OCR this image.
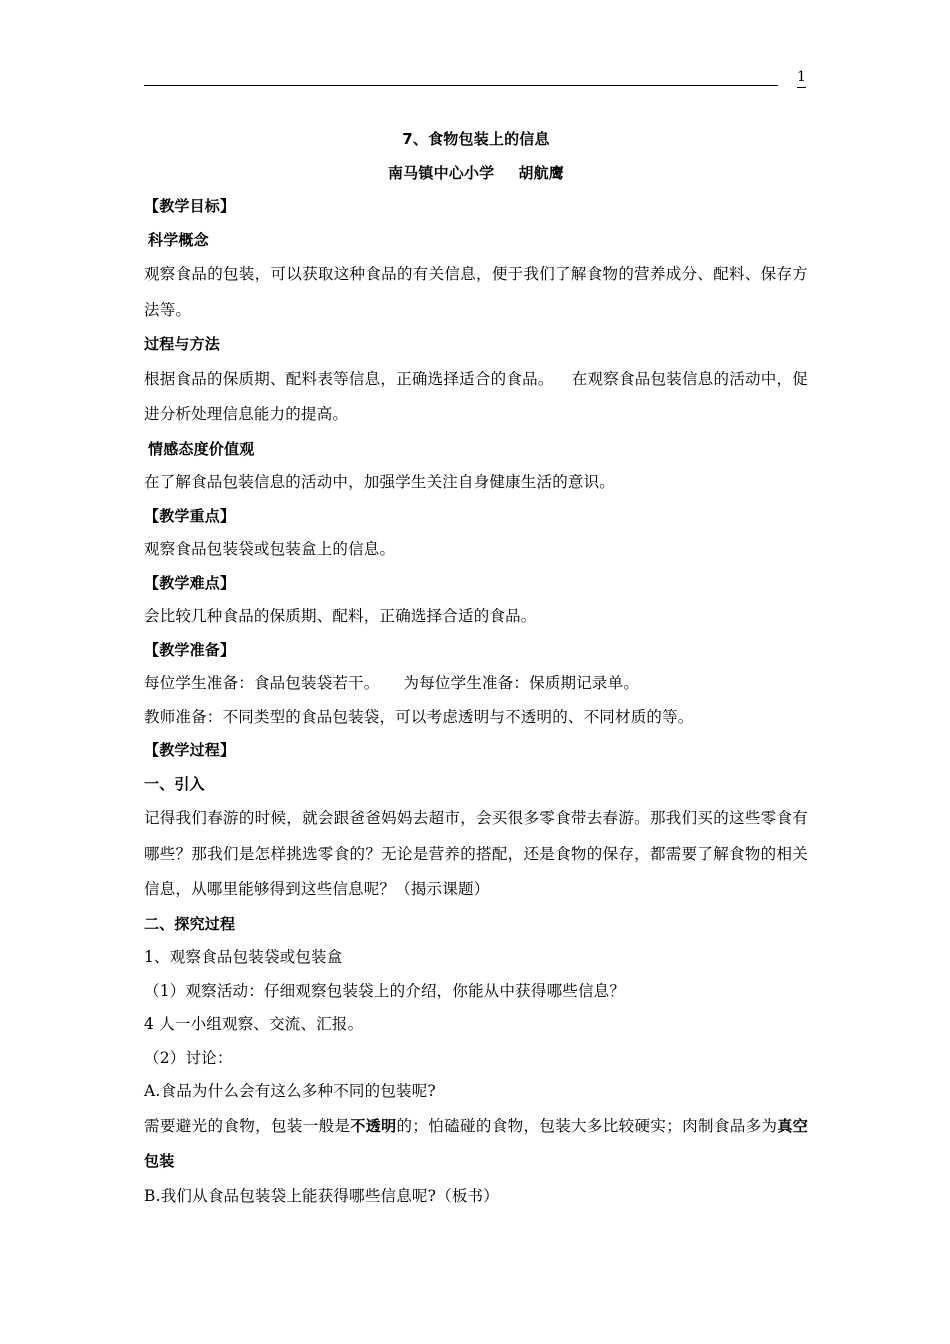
1
7、食物包装上的信息
南马镇中心小学 胡航鹰
【教学目标】
科学概念
观察食品的包装，可以获取这种食品的有关信息，便于我们了解食物的营养成分、配料、保存方法等。
过程与方法
根据食品的保质期、配料表等信息，正确选择适合的食品。 在观察食品包装信息的活动中，促进分析处理信息能力的提高。
情感态度价值观
在了解食品包装信息的活动中，加强学生关注自身健康生活的意识。
【教学重点】
观察食品包装袋或包装盒上的信息。
【教学难点】
会比较几种食品的保质期、配料，正确选择合适的食品。
【教学准备】
每位学生准备：食品包装袋若干。 为每位学生准备：保质期记录单。
教师准备：不同类型的食品包装袋，可以考虑透明与不透明的、不同材质的等。
【教学过程】
一、引入
记得我们春游的时候，就会跟爸爸妈妈去超市，会买很多零食带去春游。那我们买的这些零食有哪些？那我们是怎样挑选零食的？无论是营养的搭配，还是食物的保存，都需要了解食物的相关信息，从哪里能够得到这些信息呢？（揭示课题）
二、探究过程
1、观察食品包装袋或包装盒
（1）观察活动：仔细观察包装袋上的介绍，你能从中获得哪些信息？
4 人一小组观察、交流、汇报。
（2）讨论：
A.食品为什么会有这么多种不同的包装呢?
需要避光的食物，包装一般是不透明的；怕磕碰的食物，包装大多比较硬实；肉制食品多为真空包装
B.我们从食品包装袋上能获得哪些信息呢?（板书）
